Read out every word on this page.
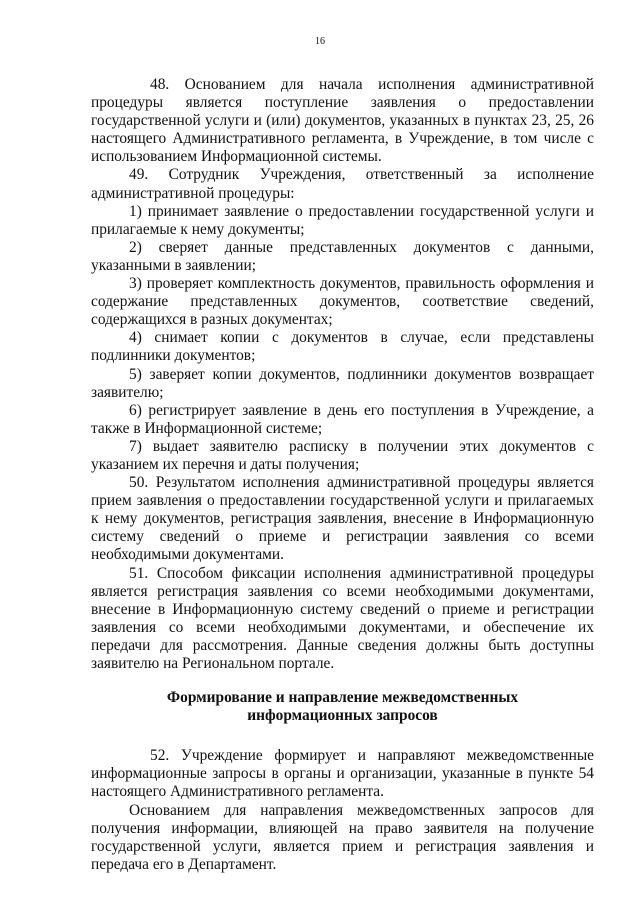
16

48. Основанием для начала исполнения административной процедуры является поступление заявления о предоставлении государственной услуги и (или) документов, указанных в пунктах 23, 25, 26 настоящего Административного регламента, в Учреждение, в том числе с использованием Информационной системы.

49. Сотрудник Учреждения, ответственный за исполнение административной процедуры:

1) принимает заявление о предоставлении государственной услуги и прилагаемые к нему документы;

2) сверяет данные представленных документов с данными, указанными в заявлении;

3) проверяет комплектность документов, правильность оформления и содержание представленных документов, соответствие сведений, содержащихся в разных документах;

4) снимает копии с документов в случае, если представлены подлинники документов;

5) заверяет копии документов, подлинники документов возвращает заявителю;

6) регистрирует заявление в день его поступления в Учреждение, а также в Информационной системе;

7) выдает заявителю расписку в получении этих документов с указанием их перечня и даты получения;

50. Результатом исполнения административной процедуры является прием заявления о предоставлении государственной услуги и прилагаемых к нему документов, регистрация заявления, внесение в Информационную систему сведений о приеме и регистрации заявления со всеми необходимыми документами.

51. Способом фиксации исполнения административной процедуры является регистрация заявления со всеми необходимыми документами, внесение в Информационную систему сведений о приеме и регистрации заявления со всеми необходимыми документами, и обеспечение их передачи для рассмотрения. Данные сведения должны быть доступны заявителю на Региональном портале.

Формирование и направление межведомственных
информационных запросов

52. Учреждение формирует и направляют межведомственные информационные запросы в органы и организации, указанные в пункте 54 настоящего Административного регламента.

Основанием для направления межведомственных запросов для получения информации, влияющей на право заявителя на получение государственной услуги, является прием и регистрация заявления и передача его в Департамент.
